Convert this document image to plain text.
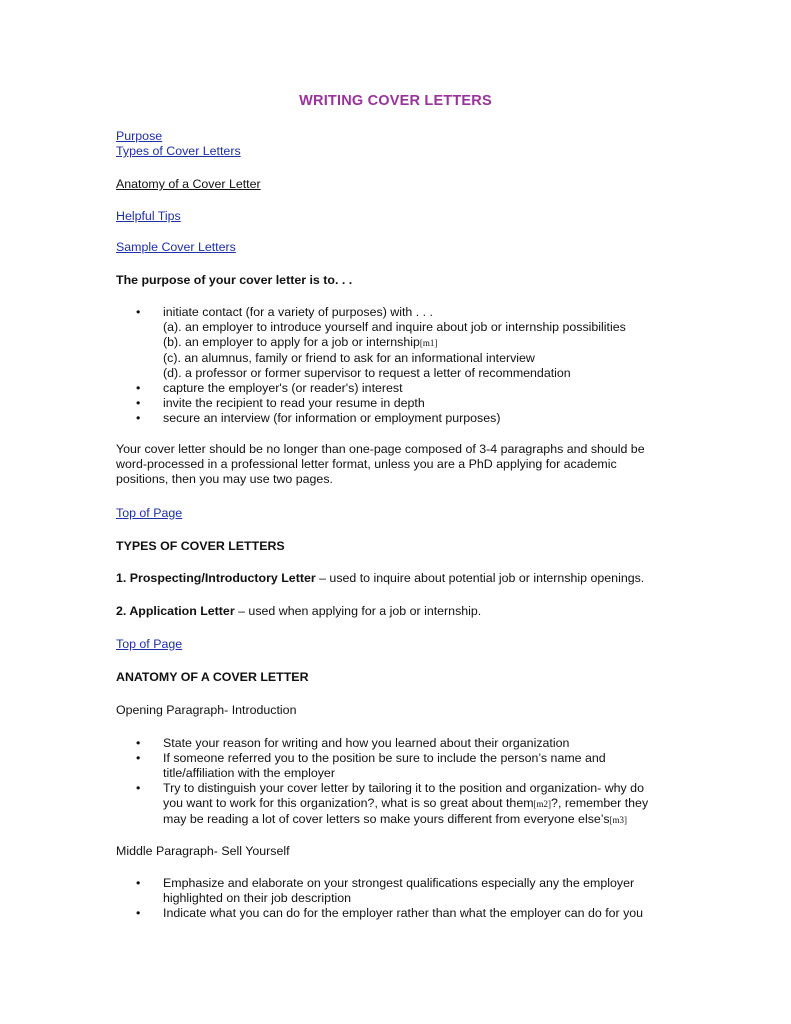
WRITING COVER LETTERS
Purpose
Types of Cover Letters
Anatomy of a Cover Letter
Helpful Tips
Sample Cover Letters
The purpose of your cover letter is to. . .
• initiate contact (for a variety of purposes) with . . .
(a). an employer to introduce yourself and inquire about job or internship possibilities
(b). an employer to apply for a job or internship[m1]
(c). an alumnus, family or friend to ask for an informational interview
(d). a professor or former supervisor to request a letter of recommendation
• capture the employer's (or reader's) interest
• invite the recipient to read your resume in depth
• secure an interview (for information or employment purposes)
Your cover letter should be no longer than one-page composed of 3-4 paragraphs and should be
word-processed in a professional letter format, unless you are a PhD applying for academic
positions, then you may use two pages.
Top of Page
TYPES OF COVER LETTERS
1. Prospecting/Introductory Letter – used to inquire about potential job or internship openings.
2. Application Letter – used when applying for a job or internship.
Top of Page
ANATOMY OF A COVER LETTER
Opening Paragraph- Introduction
• State your reason for writing and how you learned about their organization
• If someone referred you to the position be sure to include the person’s name and
title/affiliation with the employer
• Try to distinguish your cover letter by tailoring it to the position and organization- why do
you want to work for this organization?, what is so great about them[m2]?, remember they
may be reading a lot of cover letters so make yours different from everyone else’s[m3]
Middle Paragraph- Sell Yourself
• Emphasize and elaborate on your strongest qualifications especially any the employer
highlighted on their job description
• Indicate what you can do for the employer rather than what the employer can do for you
